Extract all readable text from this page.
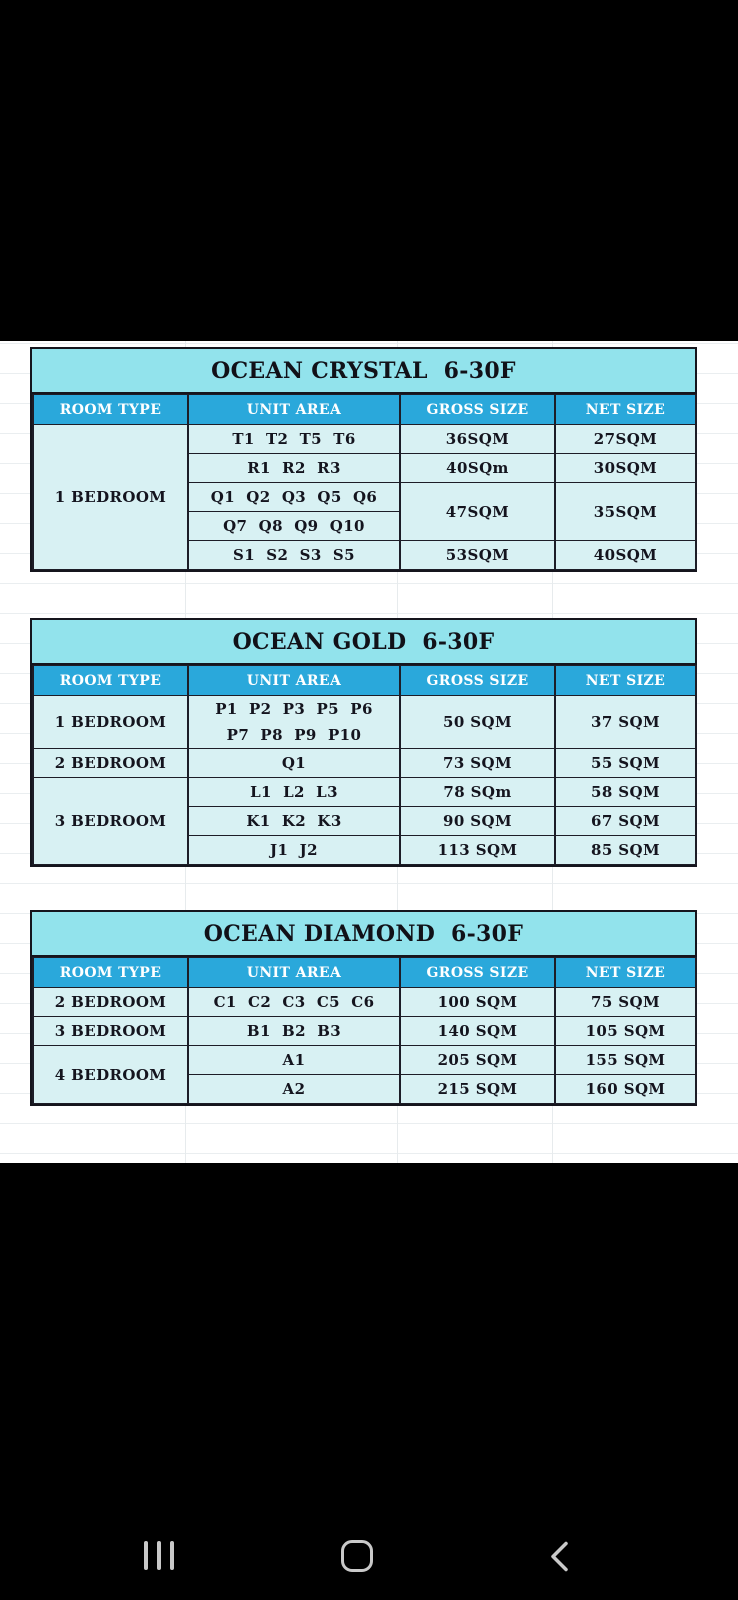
OCEAN CRYSTAL  6-30F
ROOM TYPE	UNIT AREA	GROSS SIZE	NET SIZE
1 BEDROOM	T1  T2  T5  T6	36SQM	27SQM
	R1  R2  R3	40SQm	30SQM
	Q1  Q2  Q3  Q5  Q6	47SQM	35SQM
	Q7  Q8  Q9  Q10		
	S1  S2  S3  S5	53SQM	40SQM
OCEAN GOLD  6-30F
ROOM TYPE	UNIT AREA	GROSS SIZE	NET SIZE
1 BEDROOM	P1  P2  P3  P5  P6
P7  P8  P9  P10	50 SQM	37 SQM
2 BEDROOM	Q1	73 SQM	55 SQM
3 BEDROOM	L1  L2  L3	78 SQm	58 SQM
	K1  K2  K3	90 SQM	67 SQM
	J1  J2	113 SQM	85 SQM
OCEAN DIAMOND  6-30F
ROOM TYPE	UNIT AREA	GROSS SIZE	NET SIZE
2 BEDROOM	C1  C2  C3  C5  C6	100 SQM	75 SQM
3 BEDROOM	B1  B2  B3	140 SQM	105 SQM
4 BEDROOM	A1	205 SQM	155 SQM
	A2	215 SQM	160 SQM
